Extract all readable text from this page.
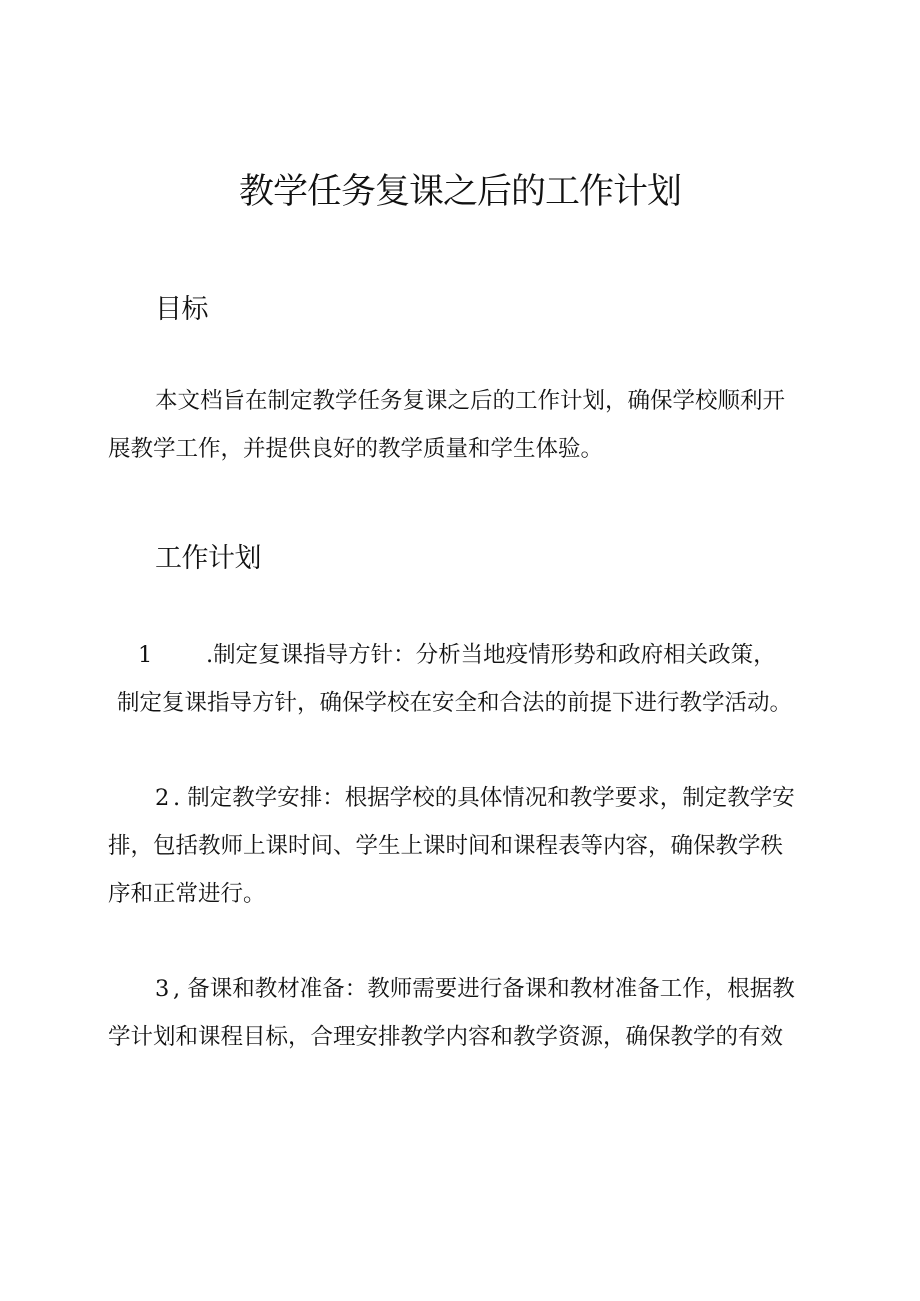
教学任务复课之后的工作计划
目标
本文档旨在制定教学任务复课之后的工作计划，确保学校顺利开
展教学工作，并提供良好的教学质量和学生体验。
工作计划
1 .制定复课指导方针：分析当地疫情形势和政府相关政策，
制定复课指导方针，确保学校在安全和合法的前提下进行教学活动。
2 . 制定教学安排：根据学校的具体情况和教学要求，制定教学安
排，包括教师上课时间、学生上课时间和课程表等内容，确保教学秩
序和正常进行。
3 , 备课和教材准备：教师需要进行备课和教材准备工作，根据教
学计划和课程目标，合理安排教学内容和教学资源，确保教学的有效
